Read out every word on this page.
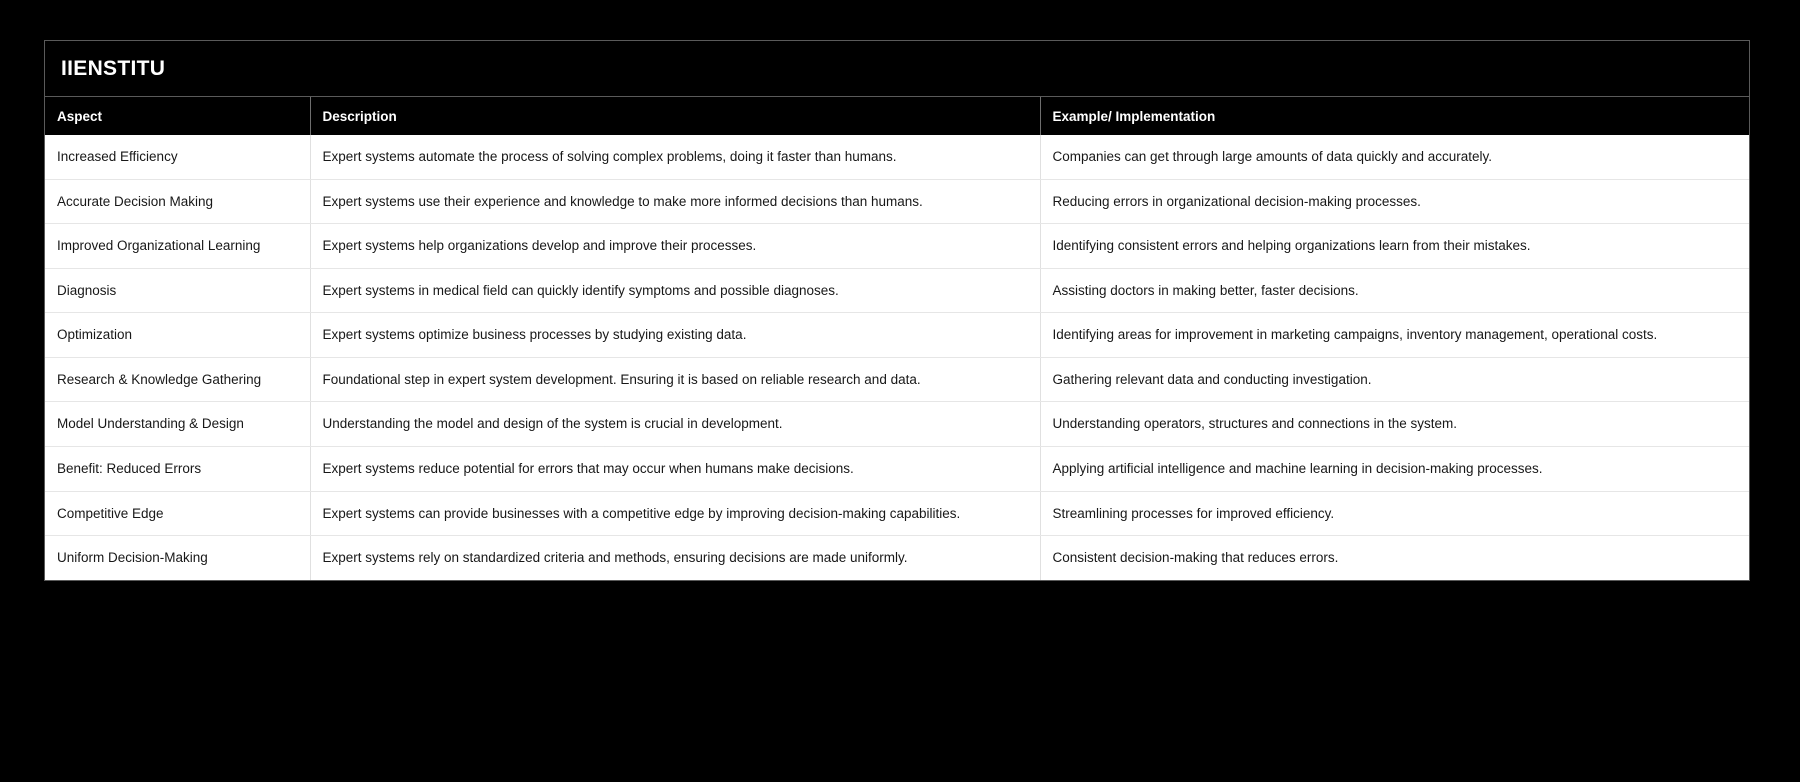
IIENSTITU
Aspect	Description	Example/ Implementation
Increased Efficiency	Expert systems automate the process of solving complex problems, doing it faster than humans.	Companies can get through large amounts of data quickly and accurately.
Accurate Decision Making	Expert systems use their experience and knowledge to make more informed decisions than humans.	Reducing errors in organizational decision-making processes.
Improved Organizational Learning	Expert systems help organizations develop and improve their processes.	Identifying consistent errors and helping organizations learn from their mistakes.
Diagnosis	Expert systems in medical field can quickly identify symptoms and possible diagnoses.	Assisting doctors in making better, faster decisions.
Optimization	Expert systems optimize business processes by studying existing data.	Identifying areas for improvement in marketing campaigns, inventory management, operational costs.
Research & Knowledge Gathering	Foundational step in expert system development. Ensuring it is based on reliable research and data.	Gathering relevant data and conducting investigation.
Model Understanding & Design	Understanding the model and design of the system is crucial in development.	Understanding operators, structures and connections in the system.
Benefit: Reduced Errors	Expert systems reduce potential for errors that may occur when humans make decisions.	Applying artificial intelligence and machine learning in decision-making processes.
Competitive Edge	Expert systems can provide businesses with a competitive edge by improving decision-making capabilities.	Streamlining processes for improved efficiency.
Uniform Decision-Making	Expert systems rely on standardized criteria and methods, ensuring decisions are made uniformly.	Consistent decision-making that reduces errors.
